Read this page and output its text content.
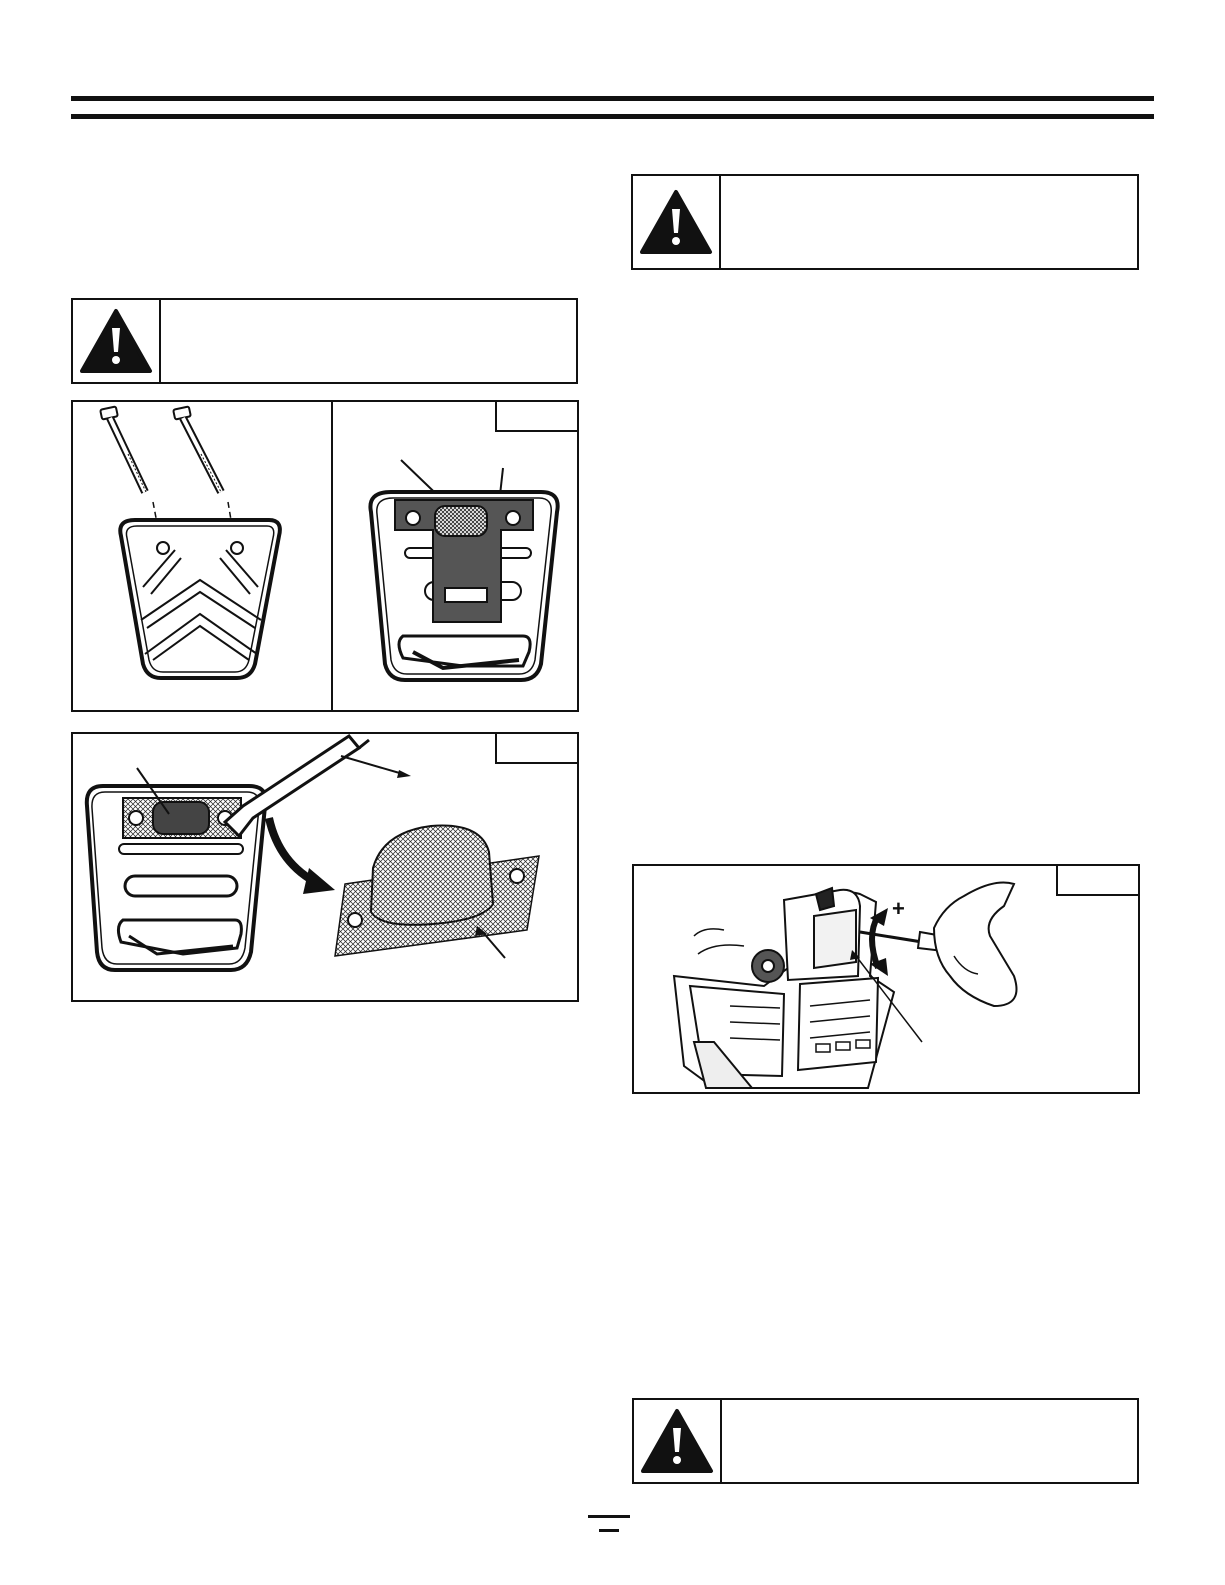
+
-
